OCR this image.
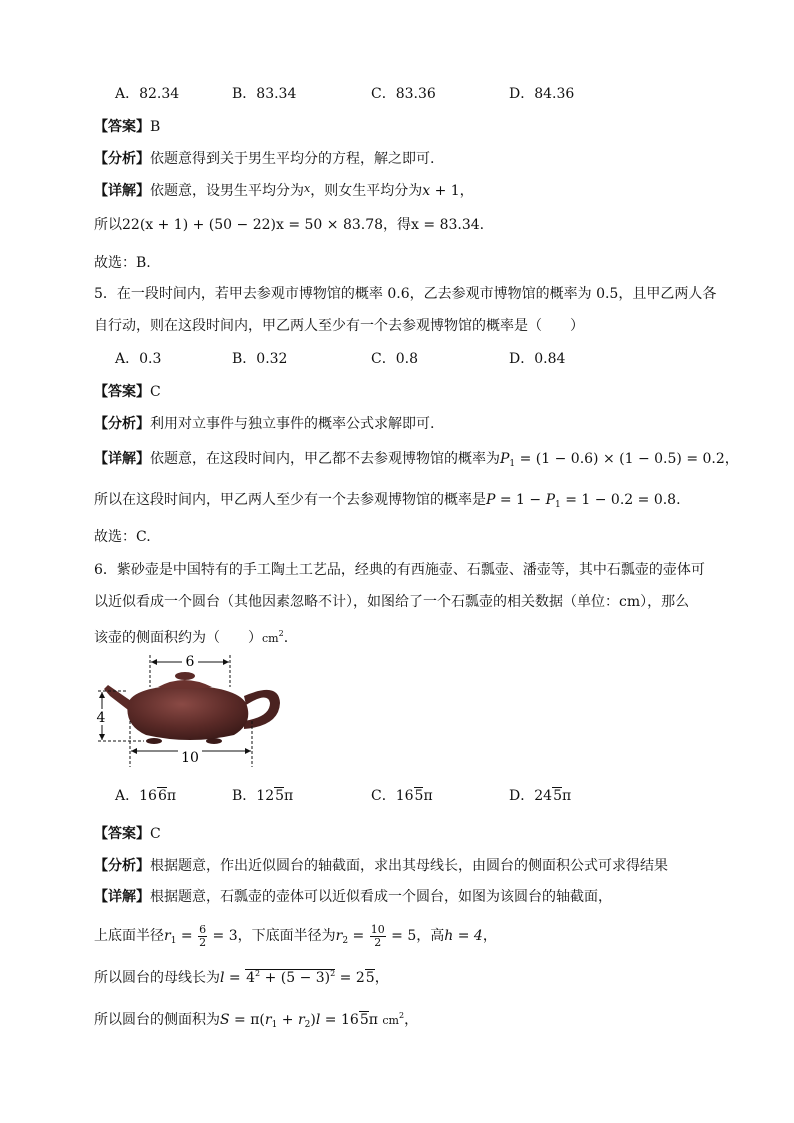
A．82.34	B．83.34	C．83.36	D．84.36
【答案】B
【分析】依题意得到关于男生平均分的方程，解之即可.
【详解】依题意，设男生平均分为$^x$，则女生平均分为x + 1，
所以22(x + 1) + (50 − 22)x = 50 × 83.78，得x = 83.34.
故选：B.
5．在一段时间内，若甲去参观市博物馆的概率 0.6，乙去参观市博物馆的概率为 0.5，且甲乙两人各
自行动，则在这段时间内，甲乙两人至少有一个去参观博物馆的概率是（　　）
A．0.3	B．0.32	C．0.8	D．0.84
【答案】C
【分析】利用对立事件与独立事件的概率公式求解即可.
【详解】依题意，在这段时间内，甲乙都不去参观博物馆的概率为$P_1 = (1 - 0.6) \times (1 - 0.5) = 0.2$，
所以在这段时间内，甲乙两人至少有一个去参观博物馆的概率是$P = 1 - P_1 = 1 - 0.2 = 0.8$.
故选：C.
6．紫砂壶是中国特有的手工陶土工艺品，经典的有西施壶、石瓢壶、潘壶等，其中石瓢壶的壶体可
以近似看成一个圆台（其他因素忽略不计），如图给了一个石瓢壶的相关数据（单位：cm），那么
该壶的侧面积约为（　　）$cm^2$.
6
4
10
A．166π	B．125π	C．165π	D．245π
【答案】C
【分析】根据题意，作出近似圆台的轴截面，求出其母线长，由圆台的侧面积公式可求得结果
【详解】根据题意，石瓢壶的壶体可以近似看成一个圆台，如图为该圆台的轴截面，
上底面半径$r_1 = \frac{6}{2} = 3$，下底面半径为$r_2 = \frac{10}{2} = 5$，高h = 4，
所以圆台的母线长为$l = 4^2 + (5 - 3)^2 = 25$，
所以圆台的侧面积为$S = \pi(r_1 + r_2)l = 165\pi$ $cm^2$，
